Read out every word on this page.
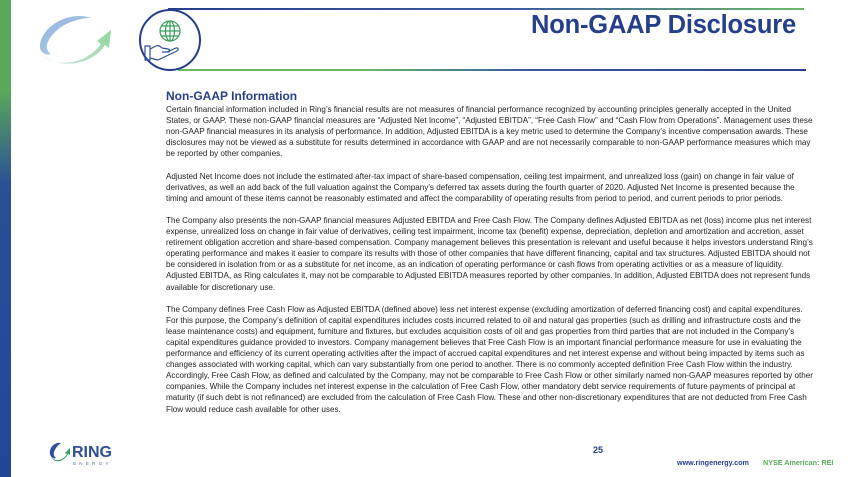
Non-GAAP Disclosure
Non-GAAP Information

Certain financial information included in Ring’s financial results are not measures of financial performance recognized by accounting principles generally accepted in the United States, or GAAP. These non-GAAP financial measures are “Adjusted Net Income”, “Adjusted EBITDA”, “Free Cash Flow” and “Cash Flow from Operations”. Management uses these non-GAAP financial measures in its analysis of performance. In addition, Adjusted EBITDA is a key metric used to determine the Company’s incentive compensation awards. These disclosures may not be viewed as a substitute for results determined in accordance with GAAP and are not necessarily comparable to non-GAAP performance measures which may be reported by other companies.

Adjusted Net Income does not include the estimated after-tax impact of share-based compensation, ceiling test impairment, and unrealized loss (gain) on change in fair value of derivatives, as well an add back of the full valuation against the Company’s deferred tax assets during the fourth quarter of 2020. Adjusted Net Income is presented because the timing and amount of these items cannot be reasonably estimated and affect the comparability of operating results from period to period, and current periods to prior periods.

The Company also presents the non-GAAP financial measures Adjusted EBITDA and Free Cash Flow. The Company defines Adjusted EBITDA as net (loss) income plus net interest expense, unrealized loss on change in fair value of derivatives, ceiling test impairment, income tax (benefit) expense, depreciation, depletion and amortization and accretion, asset retirement obligation accretion and share-based compensation. Company management believes this presentation is relevant and useful because it helps investors understand Ring’s operating performance and makes it easier to compare its results with those of other companies that have different financing, capital and tax structures. Adjusted EBITDA should not be considered in isolation from or as a substitute for net income, as an indication of operating performance or cash flows from operating activities or as a measure of liquidity. Adjusted EBITDA, as Ring calculates it, may not be comparable to Adjusted EBITDA measures reported by other companies. In addition, Adjusted EBITDA does not represent funds available for discretionary use.

The Company defines Free Cash Flow as Adjusted EBITDA (defined above) less net interest expense (excluding amortization of deferred financing cost) and capital expenditures. For this purpose, the Company’s definition of capital expenditures includes costs incurred related to oil and natural gas properties (such as drilling and infrastructure costs and the lease maintenance costs) and equipment, furniture and fixtures, but excludes acquisition costs of oil and gas properties from third parties that are not included in the Company’s capital expenditures guidance provided to investors. Company management believes that Free Cash Flow is an important financial performance measure for use in evaluating the performance and efficiency of its current operating activities after the impact of accrued capital expenditures and net interest expense and without being impacted by items such as changes associated with working capital, which can vary substantially from one period to another. There is no commonly accepted definition Free Cash Flow within the industry. Accordingly, Free Cash Flow, as defined and calculated by the Company, may not be comparable to Free Cash Flow or other similarly named non-GAAP measures reported by other companies. While the Company includes net interest expense in the calculation of Free Cash Flow, other mandatory debt service requirements of future payments of principal at maturity (if such debt is not refinanced) are excluded from the calculation of Free Cash Flow. These and other non-discretionary expenditures that are not deducted from Free Cash Flow would reduce cash available for other uses.

RING
ENERGY
25
www.ringenergy.com NYSE American: REI
